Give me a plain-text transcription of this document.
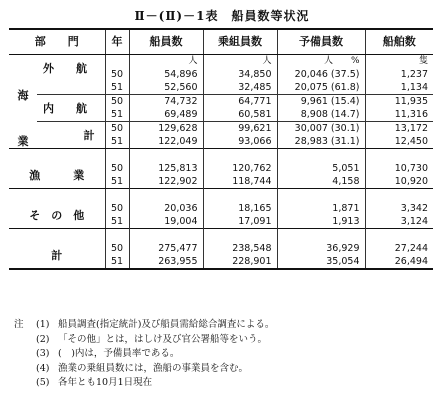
Ⅱ－(Ⅱ)－1表　船員数等状況
部　　門		年	船員数	乗組員数	予備員数	船舶数
海	外　　航		人	人	人　　%	隻
		50	54,896	34,850	20,046 (37.5)	1,237
		51	52,560	32,485	20,075 (61.8)	1,134
	内　　航	50	74,732	64,771	9,961 (15.4)	11,935
		51	69,489	60,581	8,908 (14.7)	11,316
	計	50	129,628	99,621	30,007 (30.1)	13,172
業		51	122,049	93,066	28,983 (31.1)	12,450

漁　　　業		50	125,813	120,762	5,051	10,730
		51	122,902	118,744	4,158	10,920

そ　の　他		50	20,036	18,165	1,871	3,342
		51	19,004	17,091	1,913	3,124

計		50	275,477	238,548	36,929	27,244
		51	263,955	228,901	35,054	26,494
注	(1) 船員調査(指定統計)及び船員需給総合調査による。
(2) 「その他」とは，はしけ及び官公署船等をいう。
(3) (　)内は，予備員率である。
(4) 漁業の乗組員数には，漁船の事業員を含む。
(5) 各年とも10月1日現在
